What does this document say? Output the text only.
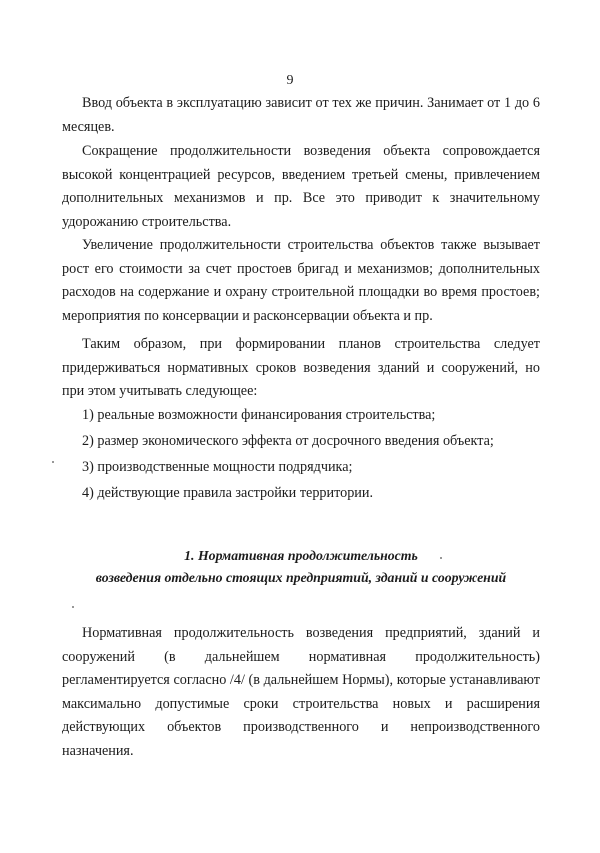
9

Ввод объекта в эксплуатацию зависит от тех же причин. Занимает от 1 до 6 месяцев.

Сокращение продолжительности возведения объекта сопровождается высокой концентрацией ресурсов, введением третьей смены, привлечением дополнительных механизмов и пр. Все это приводит к значительному удорожанию строительства.

Увеличение продолжительности строительства объектов также вызывает рост его стоимости за счет простоев бригад и механизмов; дополнительных расходов на содержание и охрану строительной площадки во время простоев; мероприятия по консервации и расконсервации объекта и пр.

Таким образом, при формировании планов строительства следует придерживаться нормативных сроков возведения зданий и сооружений, но при этом учитывать следующее:

1) реальные возможности финансирования строительства;
2) размер экономического эффекта от досрочного введения объекта;
3) производственные мощности подрядчика;
4) действующие правила застройки территории.
1. Нормативная продолжительность
возведения отдельно стоящих предприятий, зданий и сооружений

Нормативная продолжительность возведения предприятий, зданий и сооружений (в дальнейшем нормативная продолжительность) регламентируется согласно /4/ (в дальнейшем Нормы), которые устанавливают максимально допустимые сроки строительства новых и расширения действующих объектов производственного и непроизводственного назначения.
